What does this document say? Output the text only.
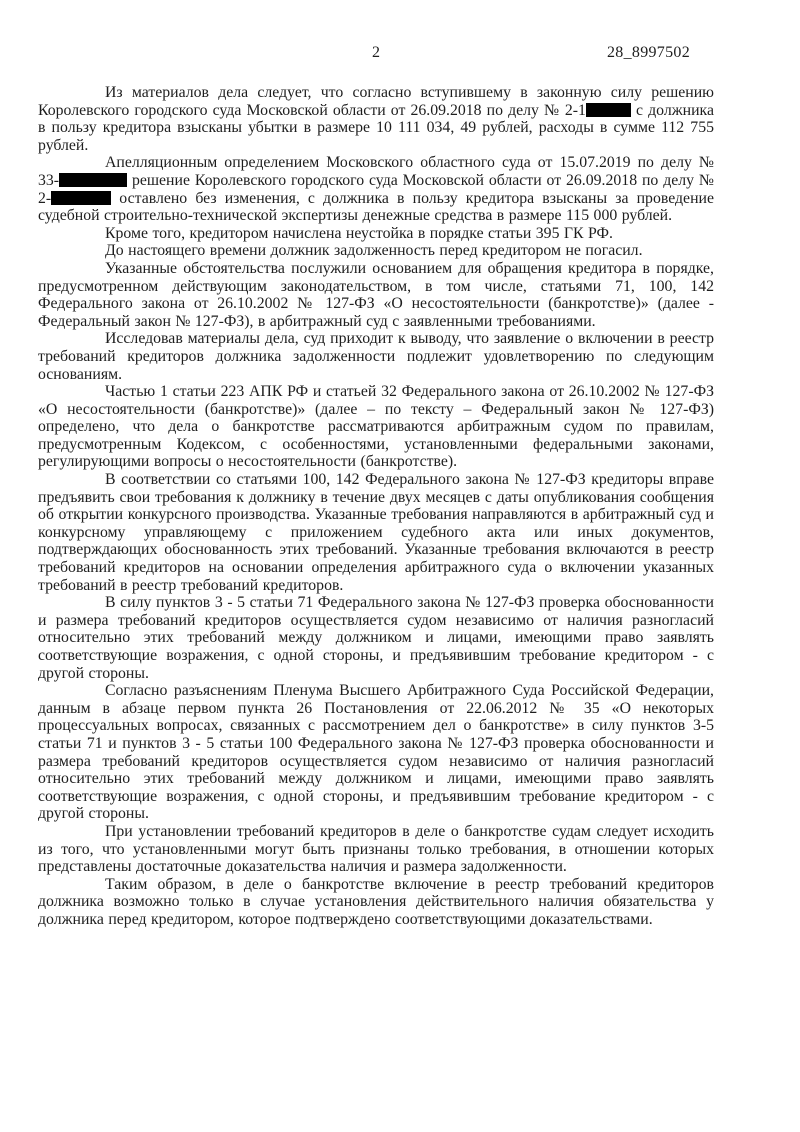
2	28_8997502

Из материалов дела следует, что согласно вступившему в законную силу решению Королевского городского суда Московской области от 26.09.2018 по делу № 2-1	с должника в пользу кредитора взысканы убытки в размере 10 111 034, 49 рублей, расходы в сумме 112 755 рублей.

Апелляционным определением Московского областного суда от 15.07.2019 по делу № 33-	решение Королевского городского суда Московской области от 26.09.2018 по делу № 2-	оставлено без изменения, с должника в пользу кредитора взысканы за проведение судебной строительно-технической экспертизы денежные средства в размере 115 000 рублей.

Кроме того, кредитором начислена неустойка в порядке статьи 395 ГК РФ.

До настоящего времени должник задолженность перед кредитором не погасил.

Указанные обстоятельства послужили основанием для обращения кредитора в порядке, предусмотренном действующим законодательством, в том числе, статьями 71, 100, 142 Федерального закона от 26.10.2002 № 127-ФЗ «О несостоятельности (банкротстве)» (далее - Федеральный закон № 127-ФЗ), в арбитражный суд с заявленными требованиями.

Исследовав материалы дела, суд приходит к выводу, что заявление о включении в реестр требований кредиторов должника задолженности подлежит удовлетворению по следующим основаниям.

Частью 1 статьи 223 АПК РФ и статьей 32 Федерального закона от 26.10.2002 № 127-ФЗ «О несостоятельности (банкротстве)» (далее – по тексту – Федеральный закон № 127-ФЗ) определено, что дела о банкротстве рассматриваются арбитражным судом по правилам, предусмотренным Кодексом, с особенностями, установленными федеральными законами, регулирующими вопросы о несостоятельности (банкротстве).

В соответствии со статьями 100, 142 Федерального закона № 127-ФЗ кредиторы вправе предъявить свои требования к должнику в течение двух месяцев с даты опубликования сообщения об открытии конкурсного производства. Указанные требования направляются в арбитражный суд и конкурсному управляющему с приложением судебного акта или иных документов, подтверждающих обоснованность этих требований. Указанные требования включаются в реестр требований кредиторов на основании определения арбитражного суда о включении указанных требований в реестр требований кредиторов.

В силу пунктов 3 - 5 статьи 71 Федерального закона № 127-ФЗ проверка обоснованности и размера требований кредиторов осуществляется судом независимо от наличия разногласий относительно этих требований между должником и лицами, имеющими право заявлять соответствующие возражения, с одной стороны, и предъявившим требование кредитором - с другой стороны.

Согласно разъяснениям Пленума Высшего Арбитражного Суда Российской Федерации, данным в абзаце первом пункта 26 Постановления от 22.06.2012 № 35 «О некоторых процессуальных вопросах, связанных с рассмотрением дел о банкротстве» в силу пунктов 3-5 статьи 71 и пунктов 3 - 5 статьи 100 Федерального закона № 127-ФЗ проверка обоснованности и размера требований кредиторов осуществляется судом независимо от наличия разногласий относительно этих требований между должником и лицами, имеющими право заявлять соответствующие возражения, с одной стороны, и предъявившим требование кредитором - с другой стороны.

При установлении требований кредиторов в деле о банкротстве судам следует исходить из того, что установленными могут быть признаны только требования, в отношении которых представлены достаточные доказательства наличия и размера задолженности.

Таким образом, в деле о банкротстве включение в реестр требований кредиторов должника возможно только в случае установления действительного наличия обязательства у должника перед кредитором, которое подтверждено соответствующими доказательствами.
